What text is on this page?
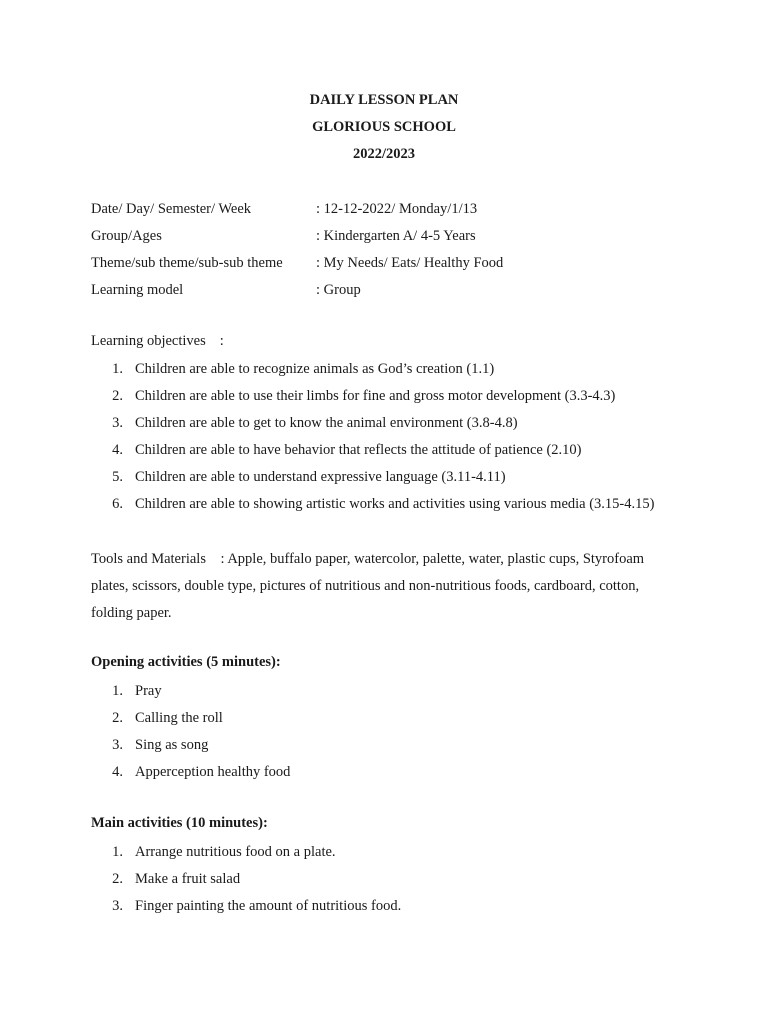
DAILY LESSON PLAN
GLORIOUS SCHOOL
2022/2023
Date/ Day/ Semester/ Week	: 12-12-2022/ Monday/1/13
Group/Ages	: Kindergarten A/ 4-5 Years
Theme/sub theme/sub-sub theme	: My Needs/ Eats/ Healthy Food
Learning model	: Group
Learning objectives :
1. Children are able to recognize animals as God’s creation (1.1)
2. Children are able to use their limbs for fine and gross motor development (3.3-4.3)
3. Children are able to get to know the animal environment (3.8-4.8)
4. Children are able to have behavior that reflects the attitude of patience (2.10)
5. Children are able to understand expressive language (3.11-4.11)
6. Children are able to showing artistic works and activities using various media (3.15-4.15)

Tools and Materials    : Apple, buffalo paper, watercolor, palette, water, plastic cups, Styrofoam

plates, scissors, double type, pictures of nutritious and non-nutritious foods, cardboard, cotton,

folding paper.

Opening activities (5 minutes):
1. Pray
2. Calling the roll
3. Sing as song
4. Apperception healthy food
Main activities (10 minutes):
1. Arrange nutritious food on a plate.
2. Make a fruit salad
3. Finger painting the amount of nutritious food.
